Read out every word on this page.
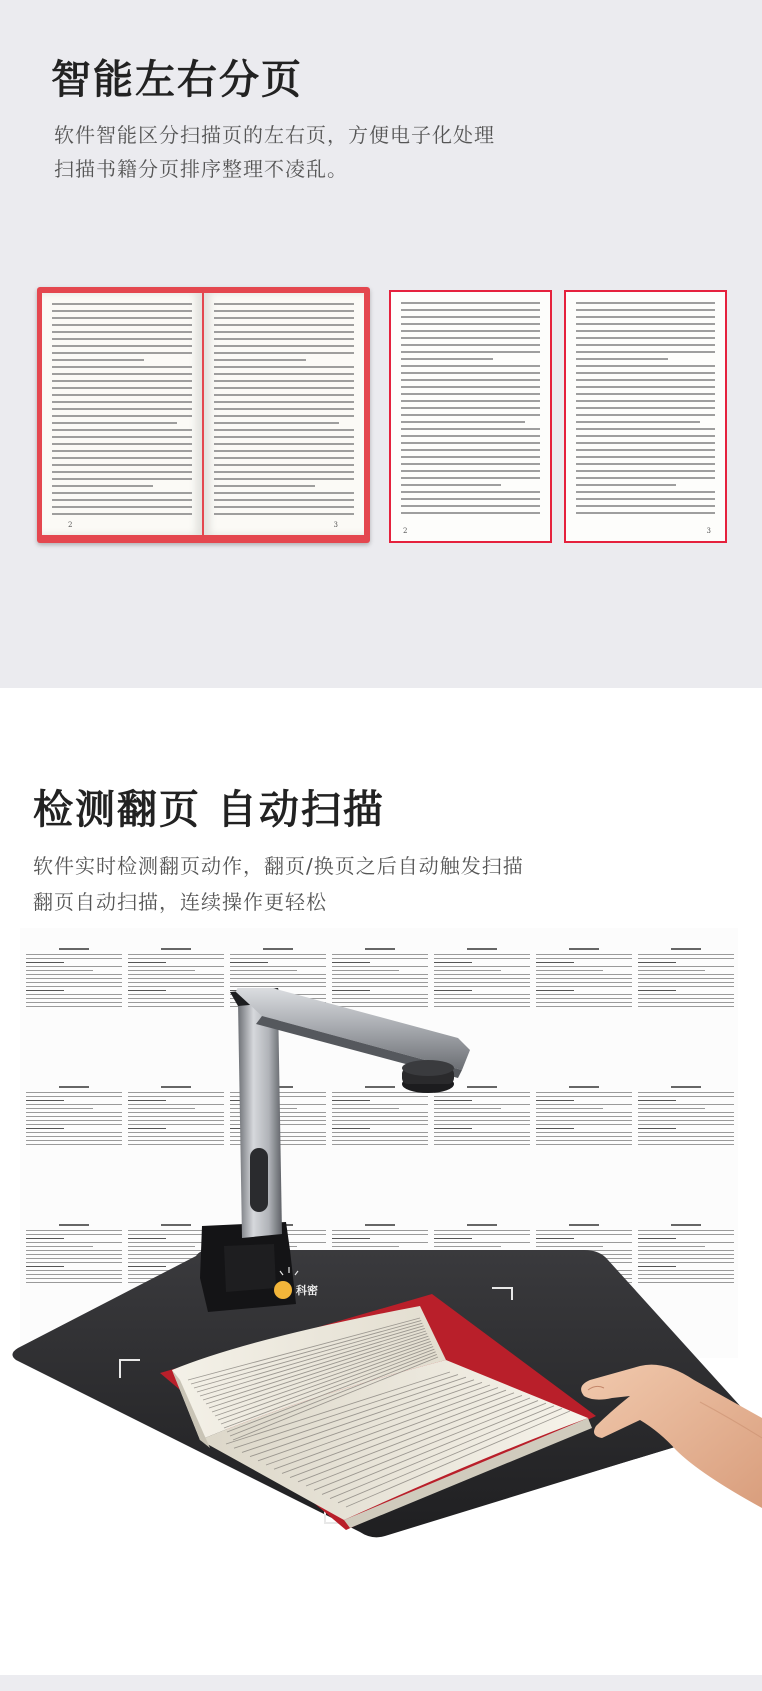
智能左右分页
软件智能区分扫描页的左右页，方便电子化处理
扫描书籍分页排序整理不凌乱。
2	3
2	3
检测翻页 自动扫描
软件实时检测翻页动作，翻页/换页之后自动触发扫描
翻页自动扫描，连续操作更轻松
科密
